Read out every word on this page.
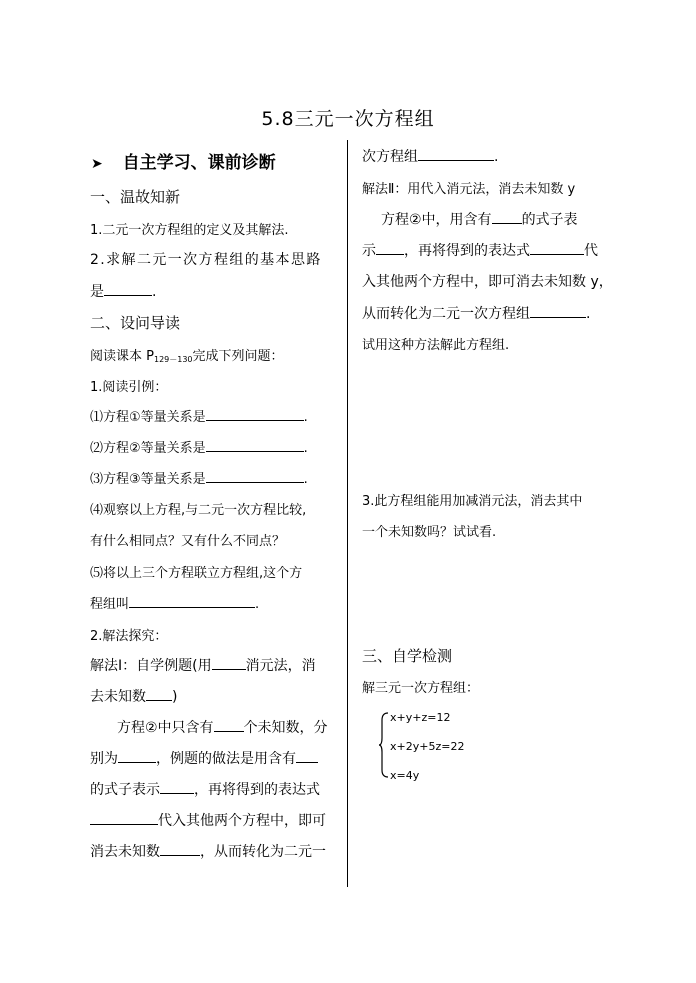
5.8三元一次方程组
➤ 自主学习、课前诊断
一、温故知新
1.二元一次方程组的定义及其解法.
2.求解二元一次方程组的基本思路
是	.
二、设问导读
阅读课本 $P_{129-130}$完成下列问题：
1.阅读引例：
⑴方程①等量关系是	.
⑵方程②等量关系是	.
⑶方程③等量关系是	.
⑷观察以上方程,与二元一次方程比较,
有什么相同点？又有什么不同点？
⑸将以上三个方程联立方程组,这个方
程组叫	.
2.解法探究：
解法Ⅰ：自学例题(用 消元法，消
去未知数 )
方程②中只含有 个未知数，分
别为	，例题的做法是用含有
的式子表示 ，再将得到的表达式
代入其他两个方程中，即可
消去未知数	，从而转化为二元一
次方程组	.
解法Ⅱ：用代入消元法，消去未知数 y
方程②中，用含有 的式子表
示 ，再将得到的表达式	代
入其他两个方程中，即可消去未知数 y，
从而转化为二元一次方程组	.
试用这种方法解此方程组.
3.此方程组能用加减消元法，消去其中
一个未知数吗？试试看.
三、自学检测
解三元一次方程组：
x+y+z=12
x+2y+5z=22
x=4y
